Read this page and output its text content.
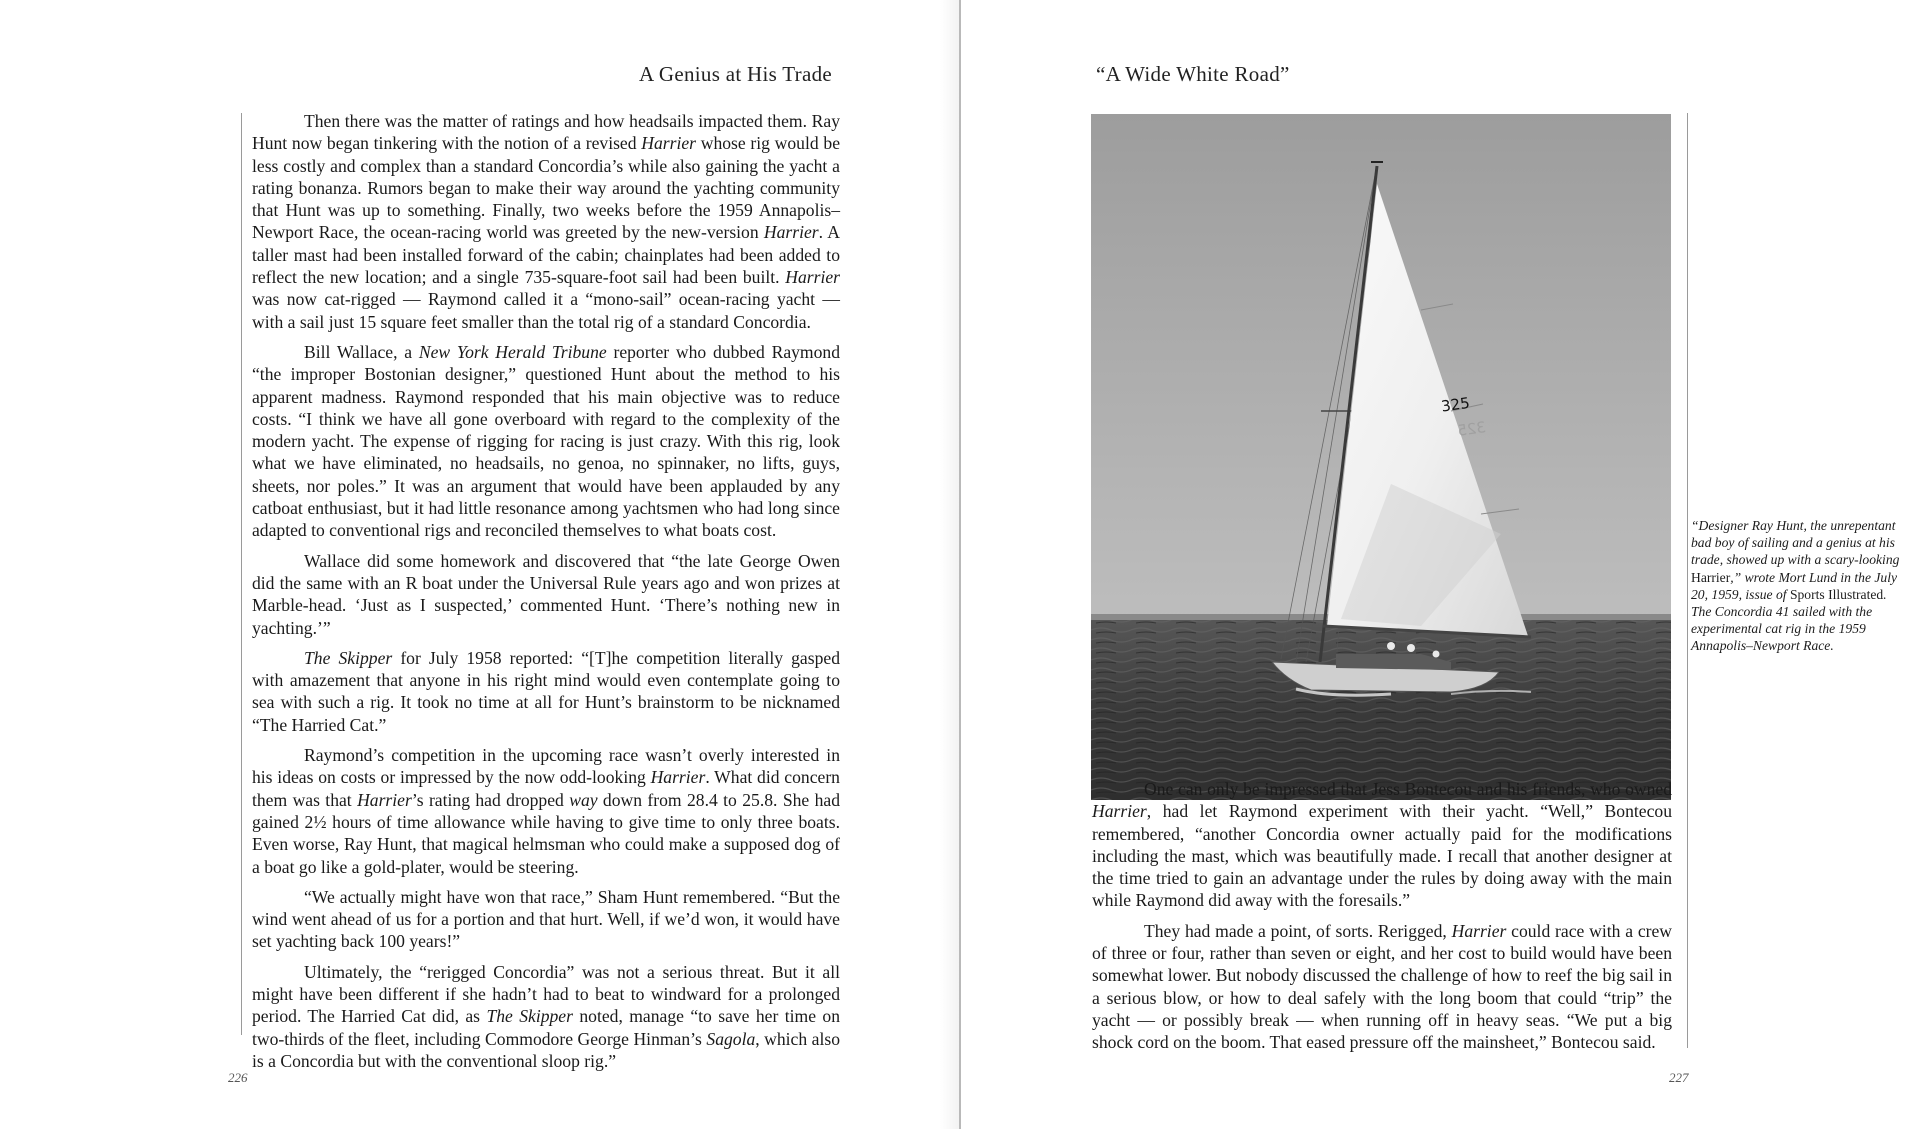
A Genius at His Trade

Then there was the matter of ratings and how headsails impacted them. Ray Hunt now began tinkering with the notion of a revised Harrier whose rig would be less costly and complex than a standard Concordia’s while also gaining the yacht a rating bonanza. Rumors began to make their way around the yachting community that Hunt was up to something. Finally, two weeks before the 1959 Annapolis–Newport Race, the ocean-racing world was greeted by the new-version Harrier. A taller mast had been installed forward of the cabin; chainplates had been added to reflect the new location; and a single 735-square-foot sail had been built. Harrier was now cat-rigged — Raymond called it a “mono-sail” ocean-racing yacht — with a sail just 15 square feet smaller than the total rig of a standard Concordia.

Bill Wallace, a New York Herald Tribune reporter who dubbed Raymond “the improper Bostonian designer,” questioned Hunt about the method to his apparent madness. Raymond responded that his main objective was to reduce costs. “I think we have all gone overboard with regard to the complexity of the modern yacht. The expense of rigging for racing is just crazy. With this rig, look what we have eliminated, no headsails, no genoa, no spinnaker, no lifts, guys, sheets, nor poles.” It was an argument that would have been applauded by any catboat enthusiast, but it had little resonance among yachtsmen who had long since adapted to conventional rigs and reconciled themselves to what boats cost.

Wallace did some homework and discovered that “the late George Owen did the same with an R boat under the Universal Rule years ago and won prizes at Marble-head. ‘Just as I suspected,’ commented Hunt. ‘There’s nothing new in yachting.’”

The Skipper for July 1958 reported: “[T]he competition literally gasped with amazement that anyone in his right mind would even contemplate going to sea with such a rig. It took no time at all for Hunt’s brainstorm to be nicknamed “The Harried Cat.”

Raymond’s competition in the upcoming race wasn’t overly interested in his ideas on costs or impressed by the now odd-looking Harrier. What did concern them was that Harrier’s rating had dropped way down from 28.4 to 25.8. She had gained 2½ hours of time allowance while having to give time to only three boats. Even worse, Ray Hunt, that magical helmsman who could make a supposed dog of a boat go like a gold-plater, would be steering.

“We actually might have won that race,” Sham Hunt remembered. “But the wind went ahead of us for a portion and that hurt. Well, if we’d won, it would have set yachting back 100 years!”

Ultimately, the “rerigged Concordia” was not a serious threat. But it all might have been different if she hadn’t had to beat to windward for a prolonged period. The Harried Cat did, as The Skipper noted, manage “to save her time on two-thirds of the fleet, including Commodore George Hinman’s Sagola, which also is a Concordia but with the conventional sloop rig.”

226
“A Wide White Road”
325
325
“Designer Ray Hunt, the unrepentant bad boy of sailing and a genius at his trade, showed up with a scary-looking Harrier,” wrote Mort Lund in the July 20, 1959, issue of Sports Illustrated. The Concordia 41 sailed with the experimental cat rig in the 1959 Annapolis–Newport Race.

One can only be impressed that Jess Bontecou and his friends, who owned Harrier, had let Raymond experiment with their yacht. “Well,” Bontecou remembered, “another Concordia owner actually paid for the modifications including the mast, which was beautifully made. I recall that another designer at the time tried to gain an advantage under the rules by doing away with the main while Raymond did away with the foresails.”

They had made a point, of sorts. Rerigged, Harrier could race with a crew of three or four, rather than seven or eight, and her cost to build would have been somewhat lower. But nobody discussed the challenge of how to reef the big sail in a serious blow, or how to deal safely with the long boom that could “trip” the yacht — or possibly break — when running off in heavy seas. “We put a big shock cord on the boom. That eased pressure off the mainsheet,” Bontecou said.

227
